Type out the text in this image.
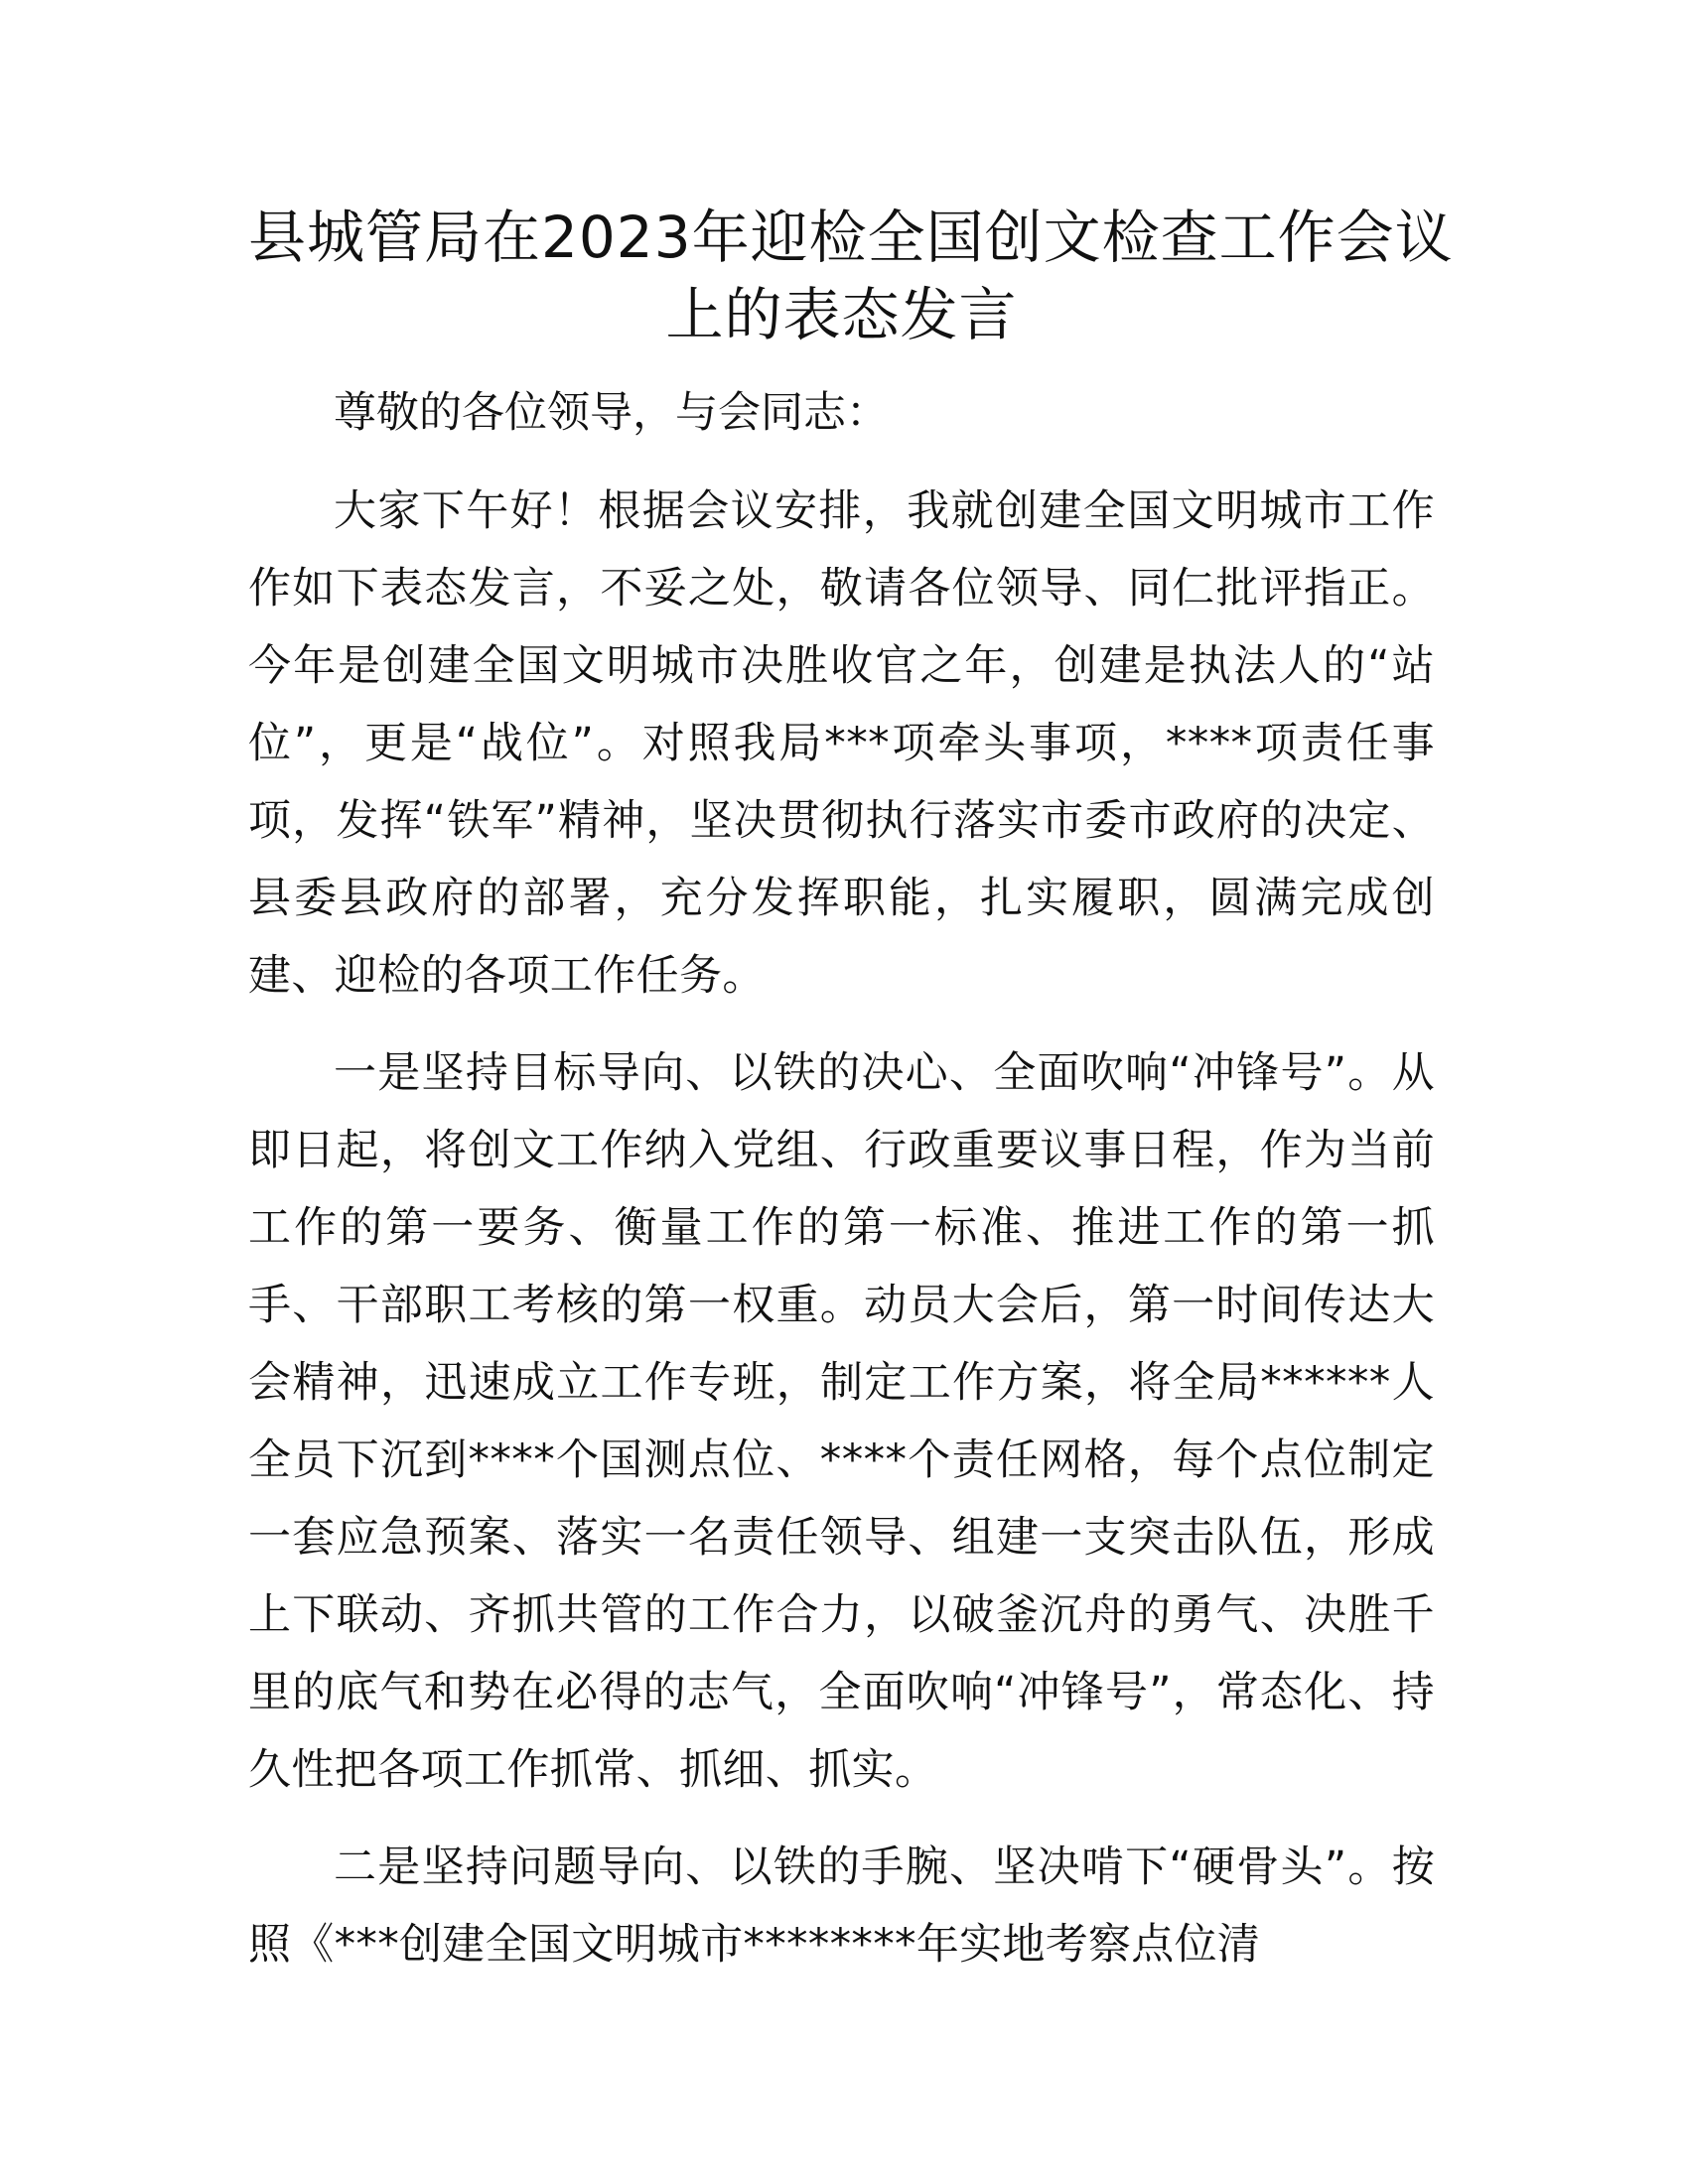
县城管局在2023年迎检全国创文检查工作会议
上的表态发言

尊敬的各位领导，与会同志：

大家下午好！根据会议安排，我就创建全国文明城市工作作如下表态发言，不妥之处，敬请各位领导、同仁批评指正。今年是创建全国文明城市决胜收官之年，创建是执法人的“站位”，更是“战位”。对照我局***项牵头事项，****项责任事项，发挥“铁军”精神，坚决贯彻执行落实市委市政府的决定、县委县政府的部署，充分发挥职能，扎实履职，圆满完成创建、迎检的各项工作任务。

一是坚持目标导向、以铁的决心、全面吹响“冲锋号”。从即日起，将创文工作纳入党组、行政重要议事日程，作为当前工作的第一要务、衡量工作的第一标准、推进工作的第一抓手、干部职工考核的第一权重。动员大会后，第一时间传达大会精神，迅速成立工作专班，制定工作方案，将全局******人全员下沉到****个国测点位、****个责任网格，每个点位制定一套应急预案、落实一名责任领导、组建一支突击队伍，形成上下联动、齐抓共管的工作合力，以破釜沉舟的勇气、决胜千里的底气和势在必得的志气，全面吹响“冲锋号”，常态化、持久性把各项工作抓常、抓细、抓实。

二是坚持问题导向、以铁的手腕、坚决啃下“硬骨头”。按照《***创建全国文明城市********年实地考察点位清
